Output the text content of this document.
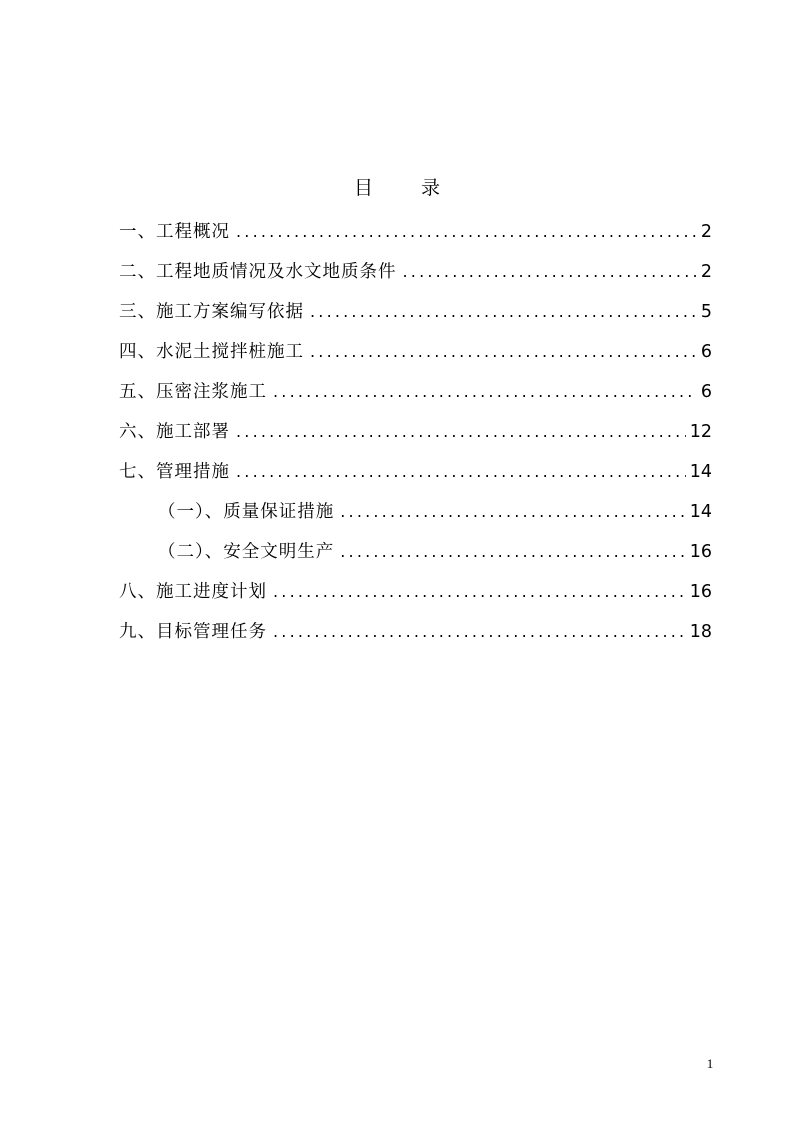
目	录
一、工程概况 .....	2
二、工程地质情况及水文地质条件 .....	2
三、施工方案编写依据 .....	5
四、水泥土搅拌桩施工 .....	6
五、压密注浆施工 .....	6
六、施工部署 .....	12
七、管理措施 .....	14
（一）、质量保证措施 .....	14
（二）、安全文明生产 .....	16
八、施工进度计划 .....	16
九、目标管理任务 .....	18
1
